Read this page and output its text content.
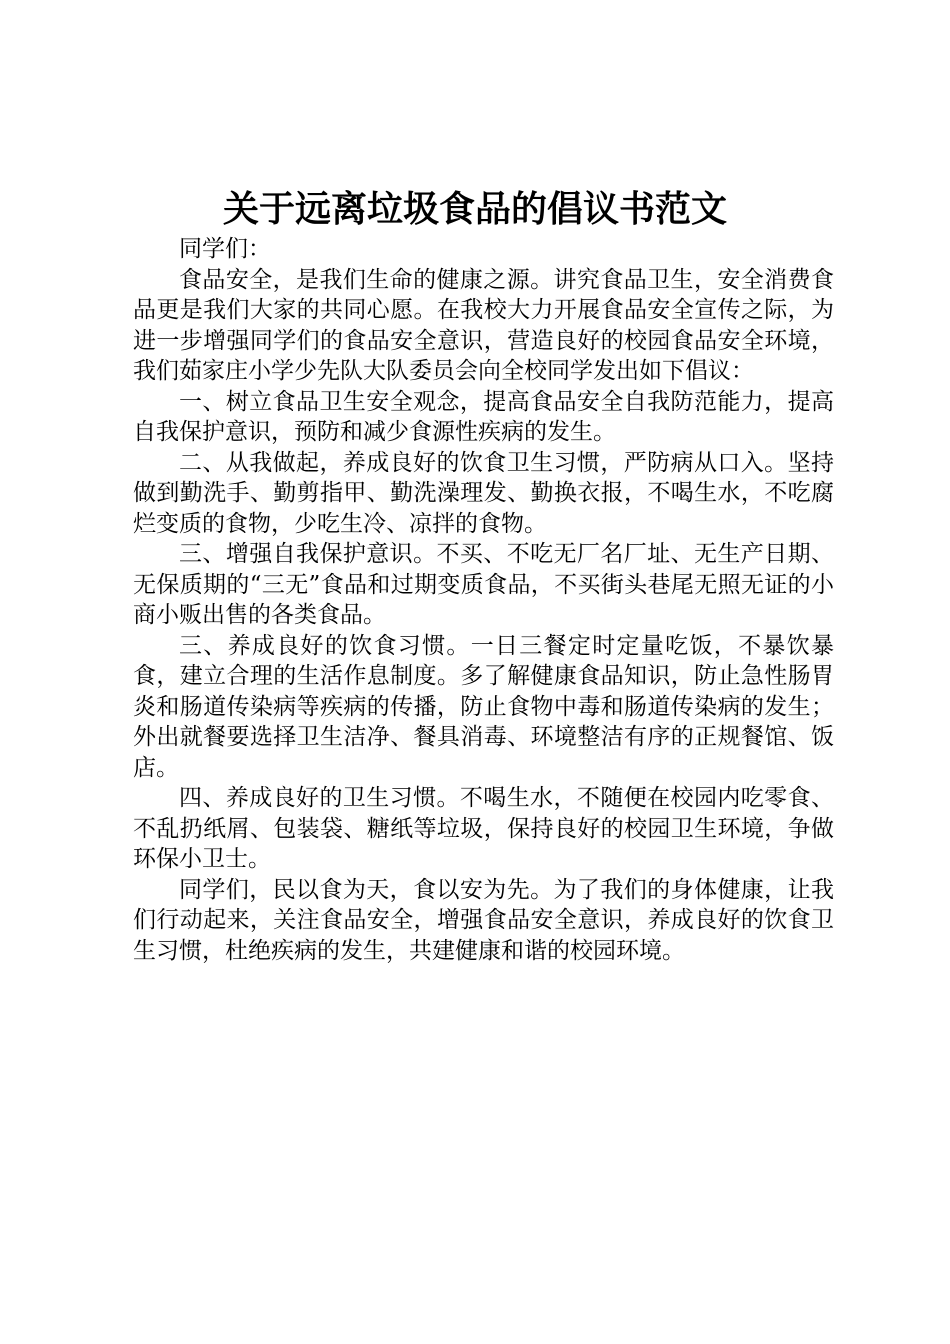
关于远离垃圾食品的倡议书范文

同学们：

食品安全，是我们生命的健康之源。讲究食品卫生，安全消费食品更是我们大家的共同心愿。在我校大力开展食品安全宣传之际，为进一步增强同学们的食品安全意识，营造良好的校园食品安全环境，我们茹家庄小学少先队大队委员会向全校同学发出如下倡议：

一、树立食品卫生安全观念，提高食品安全自我防范能力，提高自我保护意识，预防和减少食源性疾病的发生。

二、从我做起，养成良好的饮食卫生习惯，严防病从口入。坚持做到勤洗手、勤剪指甲、勤洗澡理发、勤换衣报，不喝生水，不吃腐烂变质的食物，少吃生冷、凉拌的食物。

三、增强自我保护意识。不买、不吃无厂名厂址、无生产日期、无保质期的“三无”食品和过期变质食品，不买街头巷尾无照无证的小商小贩出售的各类食品。

三、养成良好的饮食习惯。一日三餐定时定量吃饭，不暴饮暴食，建立合理的生活作息制度。多了解健康食品知识，防止急性肠胃炎和肠道传染病等疾病的传播，防止食物中毒和肠道传染病的发生；外出就餐要选择卫生洁净、餐具消毒、环境整洁有序的正规餐馆、饭店。

四、养成良好的卫生习惯。不喝生水，不随便在校园内吃零食、不乱扔纸屑、包装袋、糖纸等垃圾，保持良好的校园卫生环境，争做环保小卫士。

同学们，民以食为天，食以安为先。为了我们的身体健康，让我们行动起来，关注食品安全，增强食品安全意识，养成良好的饮食卫生习惯，杜绝疾病的发生，共建健康和谐的校园环境。
